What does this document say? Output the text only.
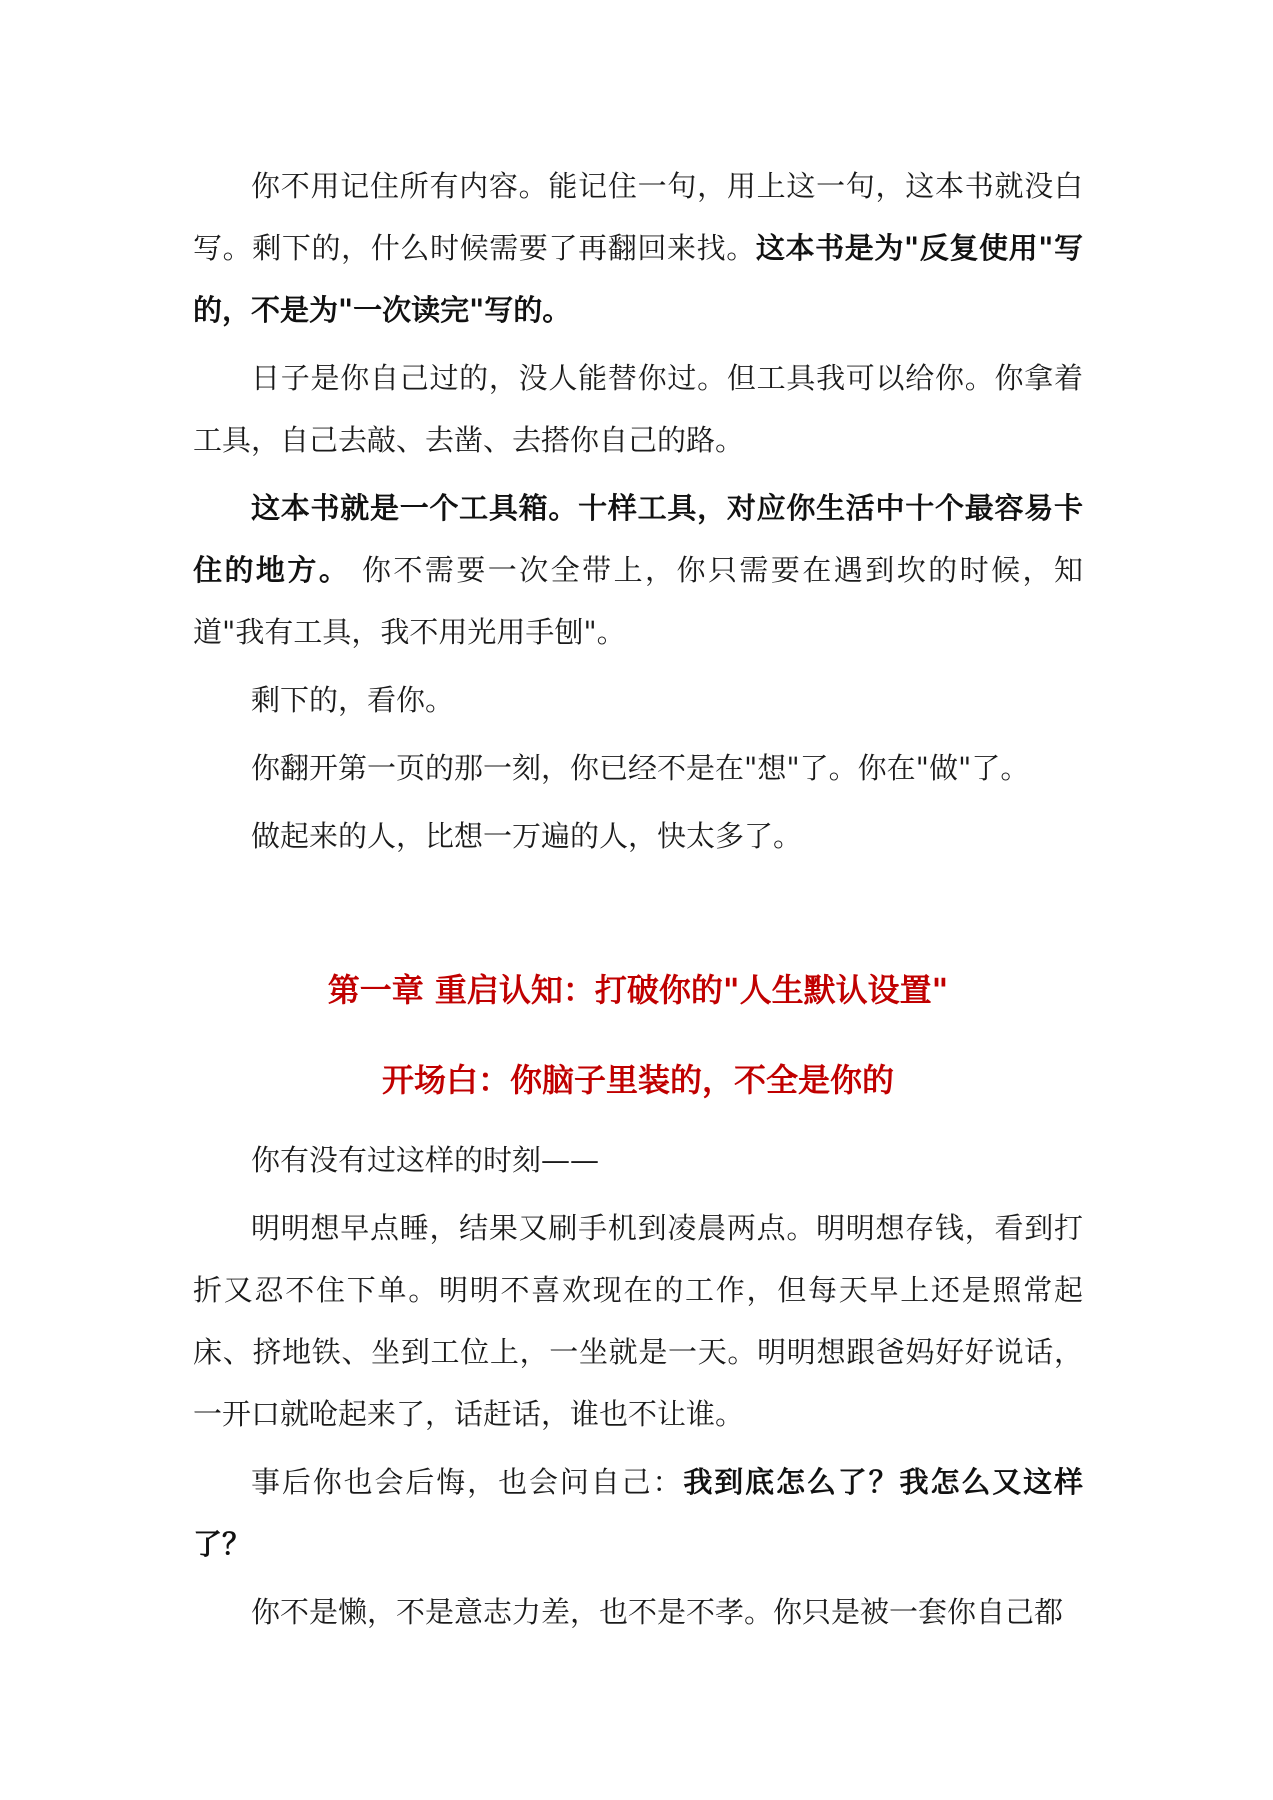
你不用记住所有内容。能记住一句，用上这一句，这本书就没白写。剩下的，什么时候需要了再翻回来找。这本书是为"反复使用"写的，不是为"一次读完"写的。

日子是你自己过的，没人能替你过。但工具我可以给你。你拿着工具，自己去敲、去凿、去搭你自己的路。

这本书就是一个工具箱。十样工具，对应你生活中十个最容易卡住的地方。 你不需要一次全带上，你只需要在遇到坎的时候，知道"我有工具，我不用光用手刨"。

剩下的，看你。

你翻开第一页的那一刻，你已经不是在"想"了。你在"做"了。

做起来的人，比想一万遍的人，快太多了。

第一章 重启认知：打破你的"人生默认设置"
开场白：你脑子里装的，不全是你的

你有没有过这样的时刻——

明明想早点睡，结果又刷手机到凌晨两点。明明想存钱，看到打折又忍不住下单。明明不喜欢现在的工作，但每天早上还是照常起床、挤地铁、坐到工位上，一坐就是一天。明明想跟爸妈好好说话，一开口就呛起来了，话赶话，谁也不让谁。

事后你也会后悔，也会问自己：我到底怎么了？我怎么又这样了？

你不是懒，不是意志力差，也不是不孝。你只是被一套你自己都
